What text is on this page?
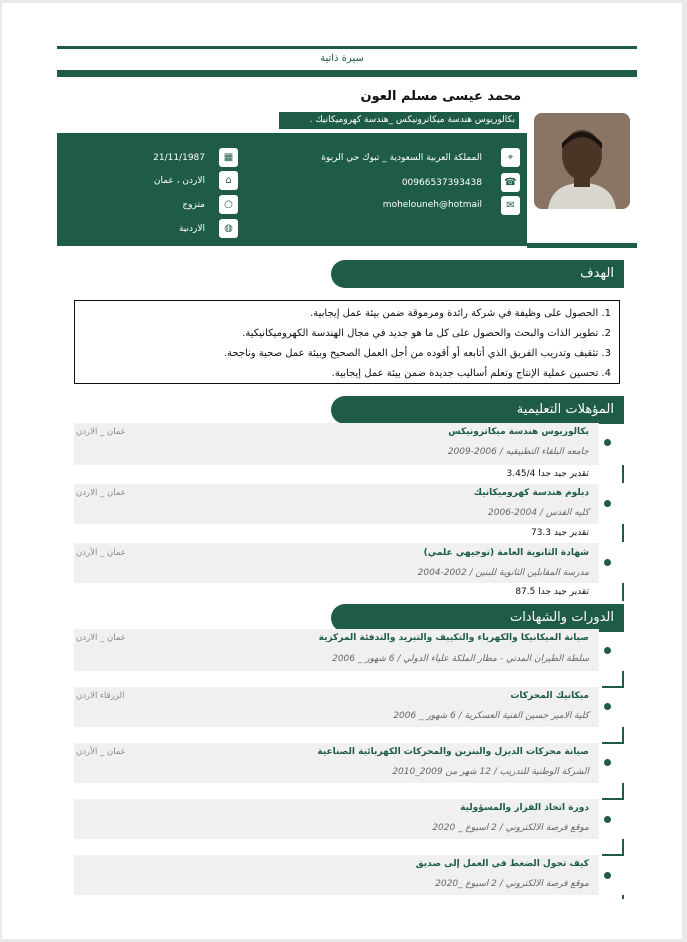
سيرة ذاتية
محمد عيسى مسلم العون
بكالوريوس هندسة ميكاترونيكس _هندسة كهروميكانيك .
⌖
المملكة العربية السعودية _ تبوك حي الربوة
☎
00966537393438
✉
mohelouneh@hotmail
▦
21/11/1987
⌂
الاردن ، عمان
○
متزوج
◍
الاردنية
الهدف
1. الحصول على وظيفة في شركة رائدة ومرموقة ضمن بيئة عمل إيجابية.
2. تطوير الذات والبحث والحصول على كل ما هو جديد في مجال الهندسة الكهروميكانيكية.
3. تثقيف وتدريب الفريق الذي أتابعه أو أقوده من أجل العمل الصحيح وبيئة عمل صحية وناجحة.
4. تحسين عملية الإنتاج وتعلم أساليب جديدة ضمن بيئة عمل إيجابية.
المؤهلات التعليمية
بكالوريوس هندسة ميكاترونيكس
جامعه البلقاء التطبيقيه / 2006-2009
عمان _ الاردن
تقدير جيد جدا 3.45/4
دبلوم هندسة كهروميكانيك
كليه القدس / 2004-2006
عمان _ الاردن
تقدير جيد 73.3
شهادة الثانوية العامة (توجيهي علمي)
مدرسة المقابلين الثانوية للبنين / 2002-2004
عمان _ الأردن
تقدير جيد جدا 87.5
الدورات والشهادات
صيانة الميكانيكا والكهرباء والتكييف والتبريد والتدفئة المركزية
سلطة الطيران المدني - مطار الملكة علياء الدولي / 6 شهور _ 2006
عمان _ الاردن
ميكانيك المحركات
كلية الامير حسين الفنية العسكرية / 6 شهور _ 2006
الزرقاء الاردن
صيانة محركات الديزل والبنزين والمحركات الكهربائية الصناعية
الشركة الوطنية للتدريب / 12 شهر من 2009_2010
عمان _ الأردن
دورة اتخاذ القرار والمسؤولية
موقع فرصة الالكتروني / 2 اسبوع _ 2020
كيف تحول الضغط في العمل إلى صديق
موقع فرصة الالكتروني / 2 اسبوع _2020
